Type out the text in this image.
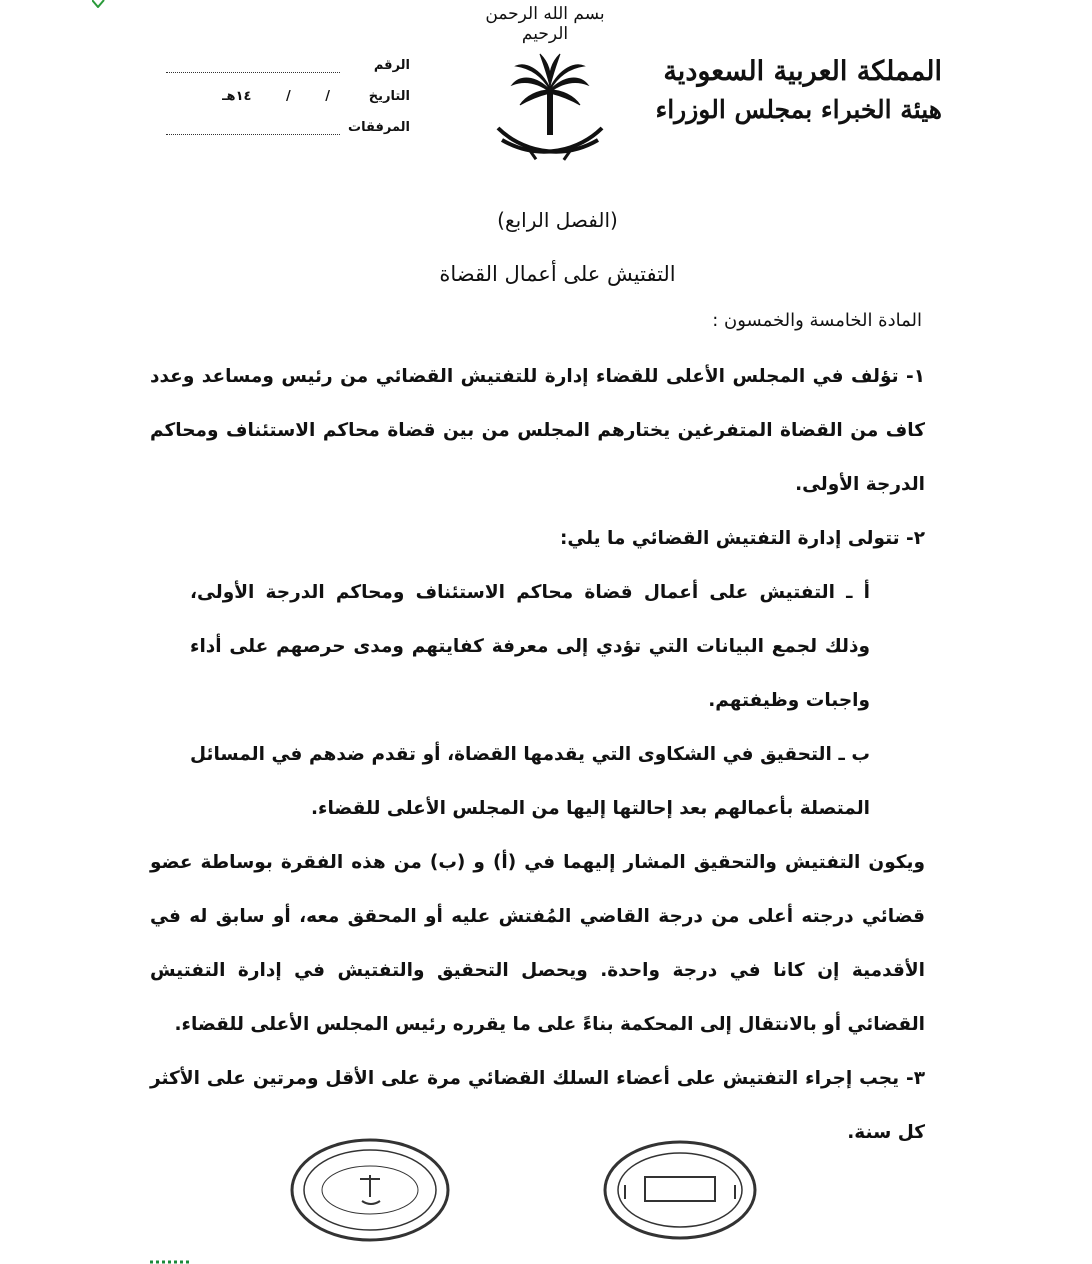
بسم الله الرحمن الرحيم
المملكة العربية السعودية
هيئة الخبراء بمجلس الوزراء
الرقم
التاريخ
/ / ١٤هـ
المرفقات
(الفصل الرابع)
التفتيش على أعمال القضاة
المادة الخامسة والخمسون :

١- تؤلف في المجلس الأعلى للقضاء إدارة للتفتيش القضائي من رئيس ومساعد وعدد كاف من القضاة المتفرغين يختارهم المجلس من بين قضاة محاكم الاستئناف ومحاكم الدرجة الأولى.

٢- تتولى إدارة التفتيش القضائي ما يلي:

أ ـ التفتيش على أعمال قضاة محاكم الاستئناف ومحاكم الدرجة الأولى، وذلك لجمع البيانات التي تؤدي إلى معرفة كفايتهم ومدى حرصهم على أداء واجبات وظيفتهم.

ب ـ التحقيق في الشكاوى التي يقدمها القضاة، أو تقدم ضدهم في المسائل المتصلة بأعمالهم بعد إحالتها إليها من المجلس الأعلى للقضاء.

ويكون التفتيش والتحقيق المشار إليهما في (أ) و (ب) من هذه الفقرة بوساطة عضو قضائي درجته أعلى من درجة القاضي المُفتش عليه أو المحقق معه، أو سابق له في الأقدمية إن كانا في درجة واحدة. ويحصل التحقيق والتفتيش في إدارة التفتيش القضائي أو بالانتقال إلى المحكمة بناءً على ما يقرره رئيس المجلس الأعلى للقضاء.

٣- يجب إجراء التفتيش على أعضاء السلك القضائي مرة على الأقل ومرتين على الأكثر كل سنة.
